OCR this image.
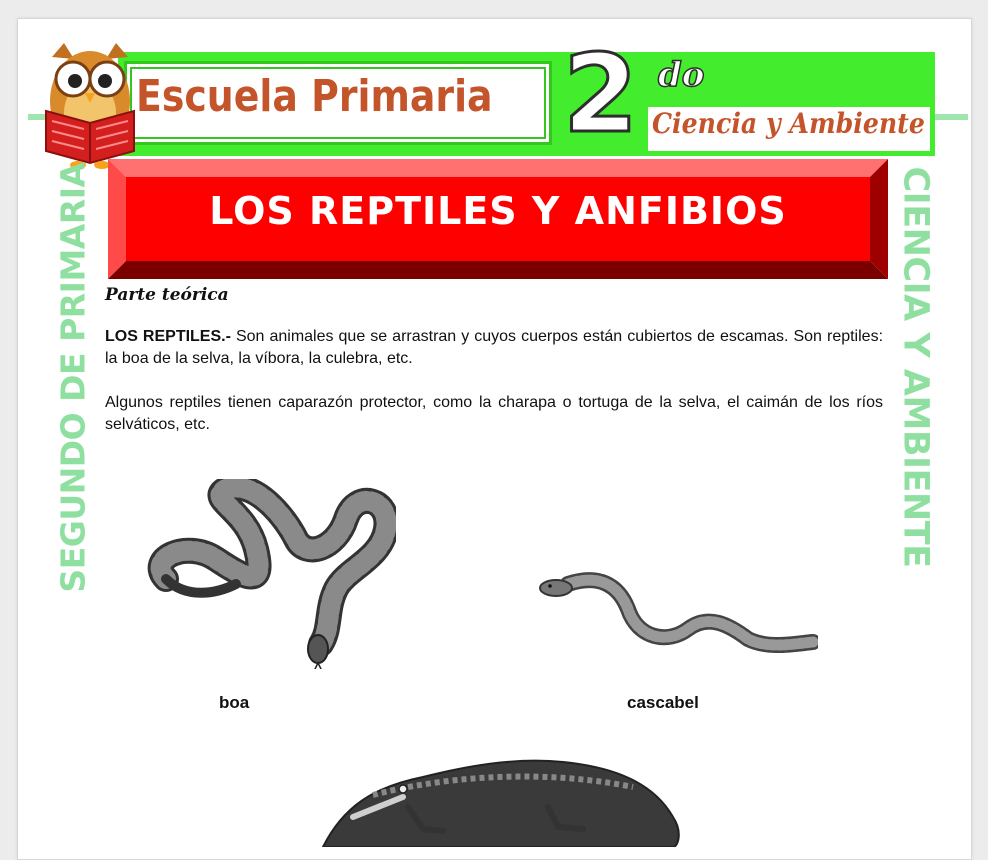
Escuela Primaria 2 do
Ciencia y Ambiente
LOS REPTILES Y ANFIBIOS
SEGUNDO DE PRIMARIA	CIENCIA Y AMBIENTE
Parte teórica

LOS REPTILES.- Son animales que se arrastran y cuyos cuerpos están cubiertos de escamas. Son reptiles: la boa de la selva, la víbora, la culebra, etc.

Algunos reptiles tienen caparazón protector, como la charapa o tortuga de la selva, el caimán de los ríos selváticos, etc.

boa	cascabel
